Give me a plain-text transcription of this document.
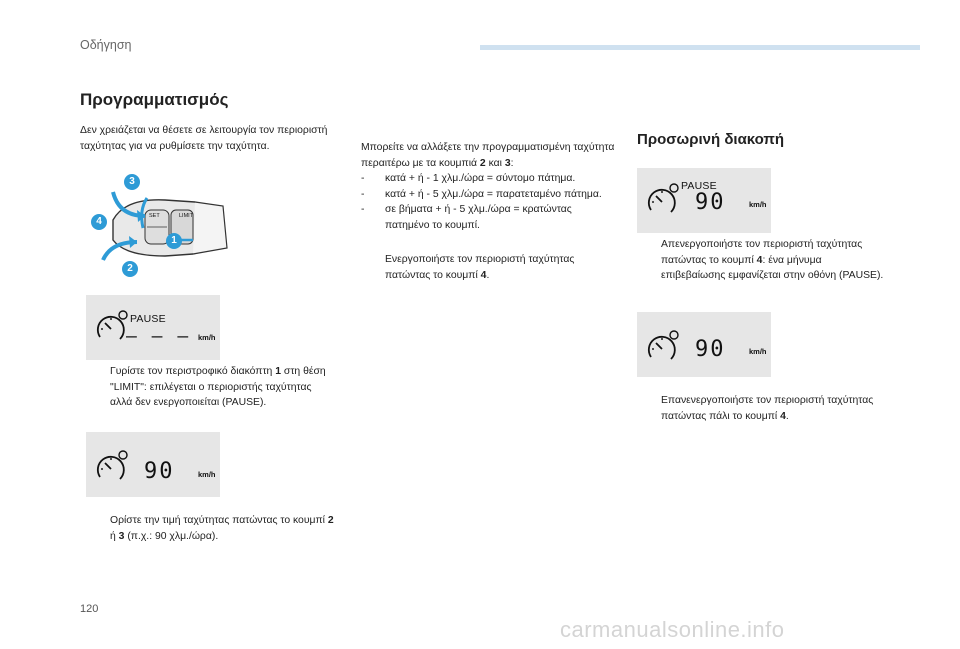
Οδήγηση
Προγραμματισμός

Δεν χρειάζεται να θέσετε σε λειτουργία τον περιοριστή ταχύτητας για να ρυθμίσετε την ταχύτητα.

LIMIT
SET
3
4
1
2
PAUSE
– – – km/h
Γυρίστε τον περιστροφικό διακόπτη 1 στη θέση "LIMIT": επιλέγεται ο περιοριστής ταχύτητας αλλά δεν ενεργοποιείται (PAUSE).
90	km/h
Ορίστε την τιμή ταχύτητας πατώντας το κουμπί 2 ή 3 (π.χ.: 90 χλμ./ώρα).

Μπορείτε να αλλάξετε την προγραμματισμένη ταχύτητα περαιτέρω με τα κουμπιά 2 και 3:

- κατά + ή - 1 χλμ./ώρα = σύντομο πάτημα.
- κατά + ή - 5 χλμ./ώρα = παρατεταμένο πάτημα.
- σε βήματα + ή - 5 χλμ./ώρα = κρατώντας πατημένο το κουμπί.
Ενεργοποιήστε τον περιοριστή ταχύτητας πατώντας το κουμπί 4.
Προσωρινή διακοπή
PAUSE
90	km/h
Απενεργοποιήστε τον περιοριστή ταχύτητας πατώντας το κουμπί 4: ένα μήνυμα επιβεβαίωσης εμφανίζεται στην οθόνη (PAUSE).
90	km/h
Επανενεργοποιήστε τον περιοριστή ταχύτητας πατώντας πάλι το κουμπί 4.
120
carmanualsonline.info
